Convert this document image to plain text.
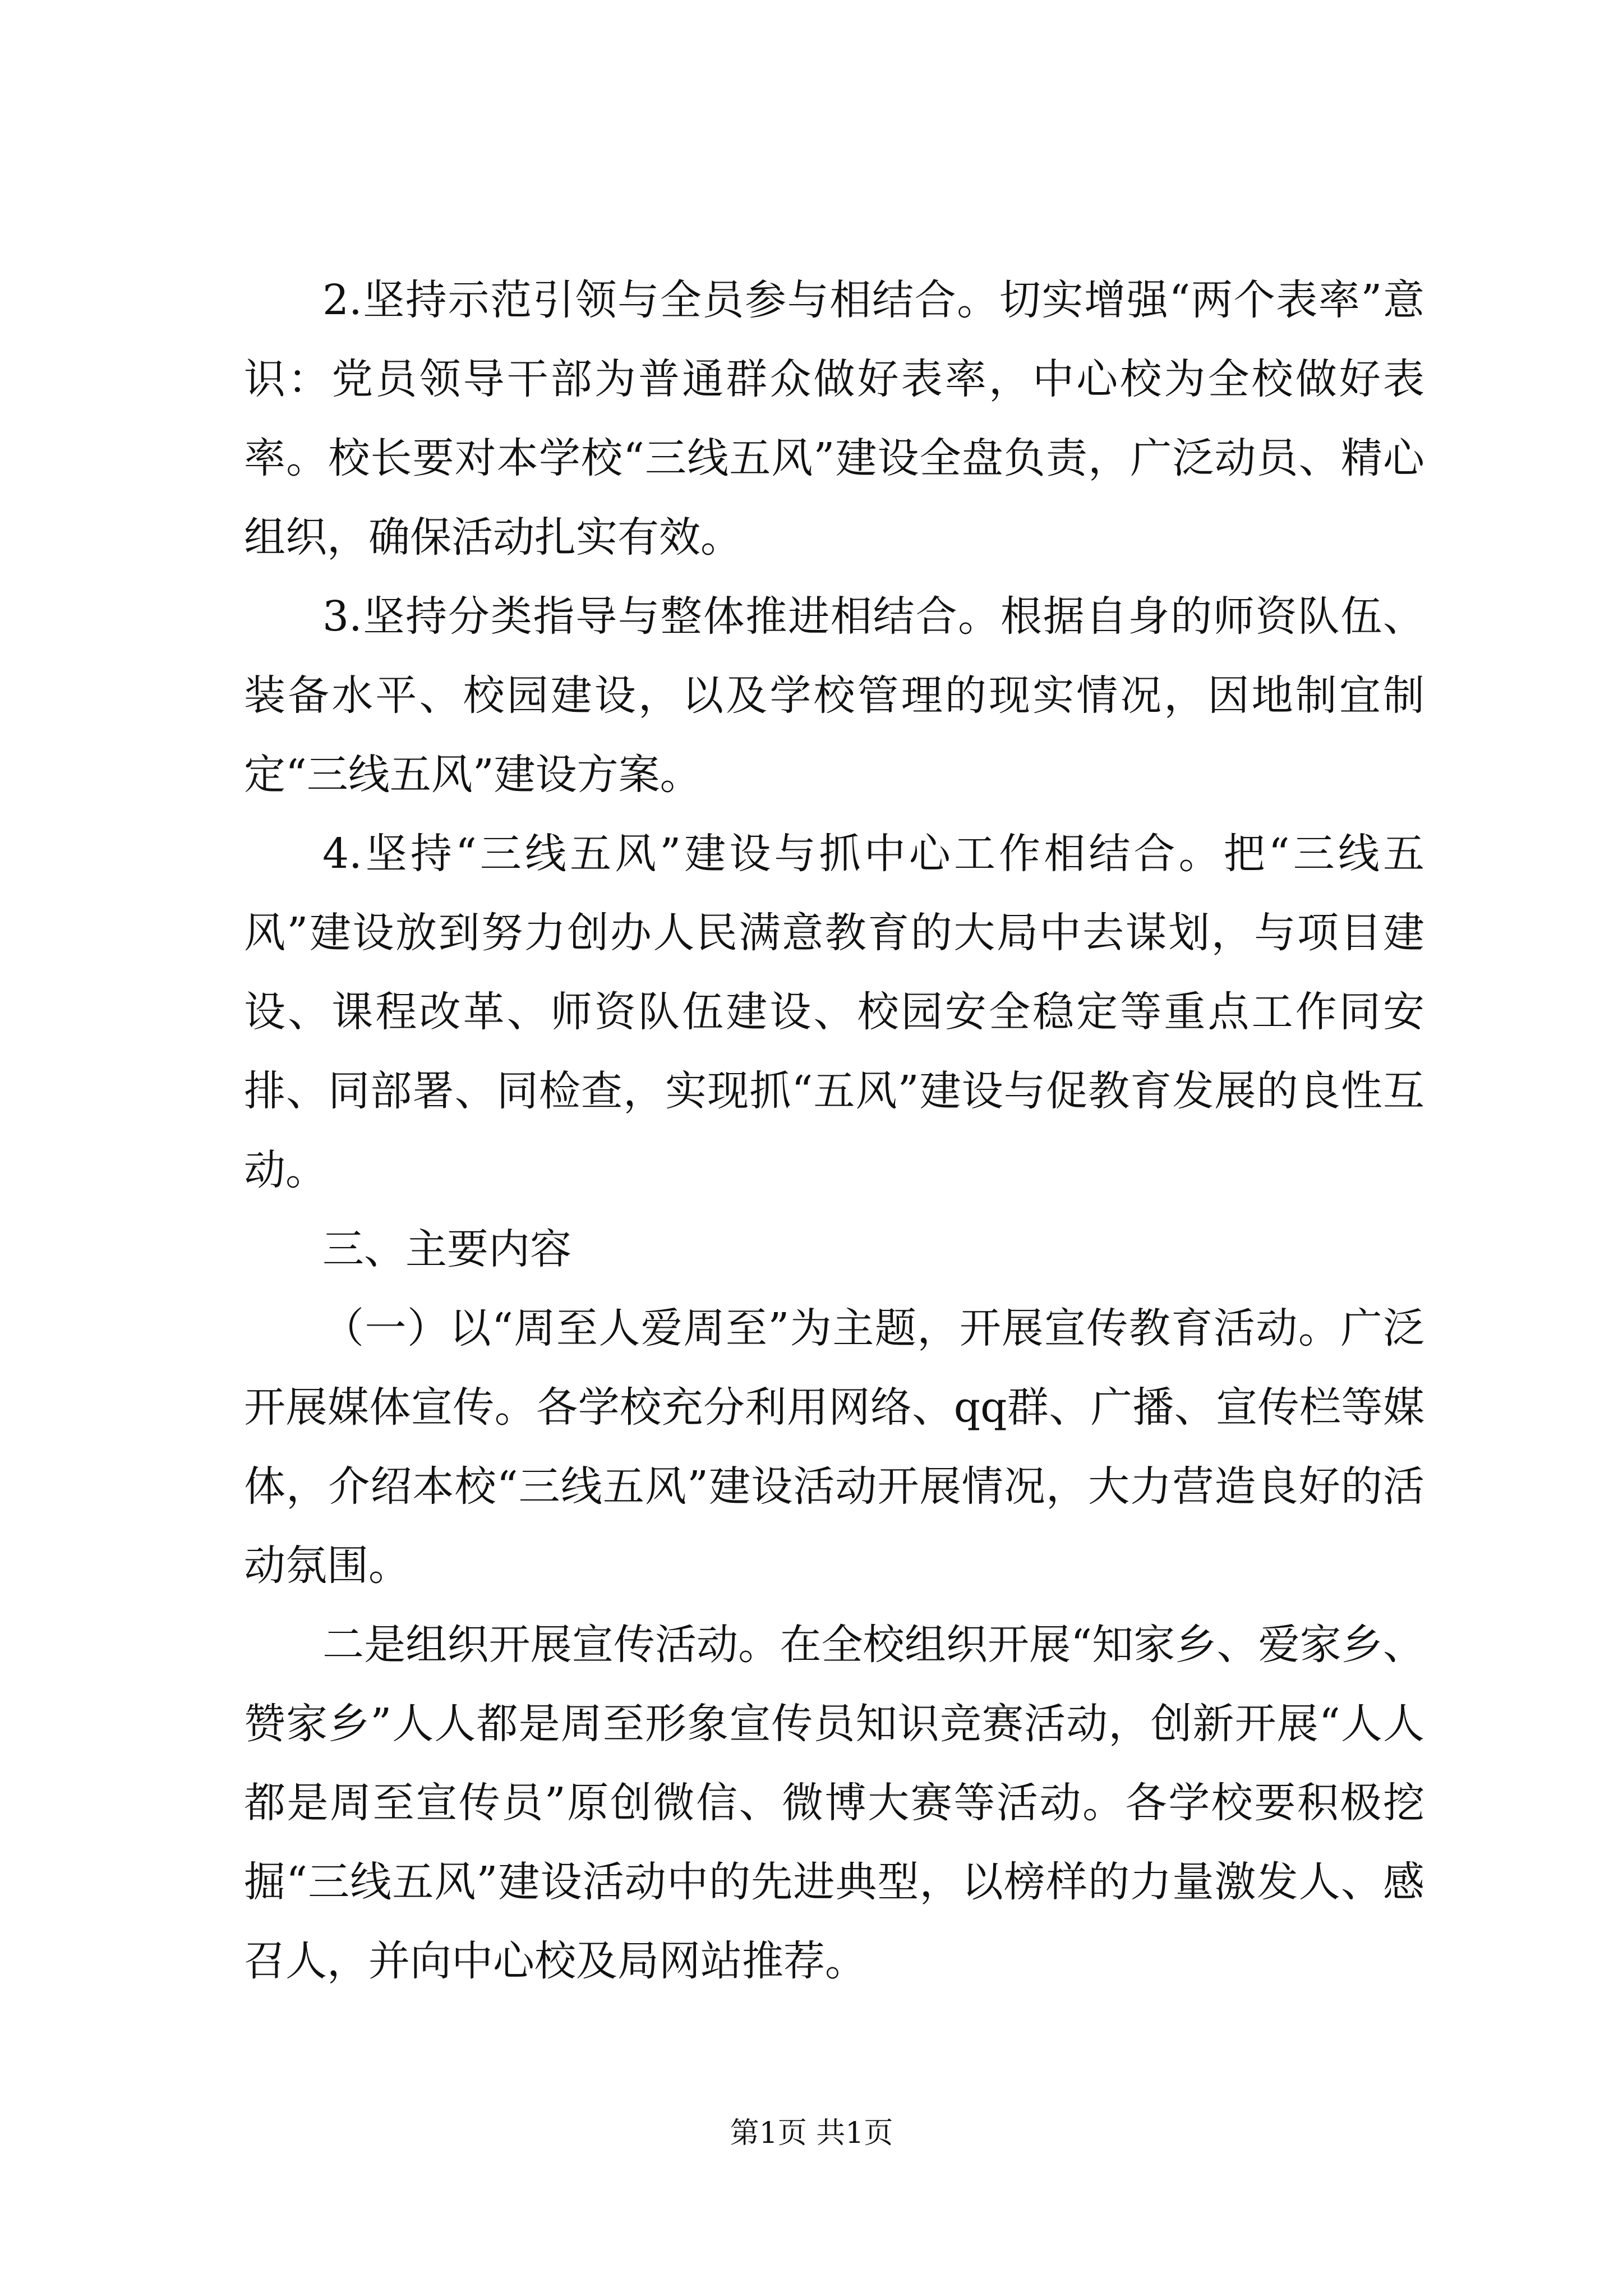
2.坚持示范引领与全员参与相结合。切实增强“两个表率”意识：党员领导干部为普通群众做好表率，中心校为全校做好表率。校长要对本学校“三线五风”建设全盘负责，广泛动员、精心组织，确保活动扎实有效。

3.坚持分类指导与整体推进相结合。根据自身的师资队伍、装备水平、校园建设，以及学校管理的现实情况，因地制宜制定“三线五风”建设方案。

4.坚持“三线五风”建设与抓中心工作相结合。把“三线五风”建设放到努力创办人民满意教育的大局中去谋划，与项目建设、课程改革、师资队伍建设、校园安全稳定等重点工作同安排、同部署、同检查，实现抓“五风”建设与促教育发展的良性互动。

三、主要内容

（一）以“周至人爱周至”为主题，开展宣传教育活动。广泛开展媒体宣传。各学校充分利用网络、qq群、广播、宣传栏等媒体，介绍本校“三线五风”建设活动开展情况，大力营造良好的活动氛围。

二是组织开展宣传活动。在全校组织开展“知家乡、爱家乡、赞家乡”人人都是周至形象宣传员知识竞赛活动，创新开展“人人都是周至宣传员”原创微信、微博大赛等活动。各学校要积极挖掘“三线五风”建设活动中的先进典型，以榜样的力量激发人、感召人，并向中心校及局网站推荐。

第1页 共1页
